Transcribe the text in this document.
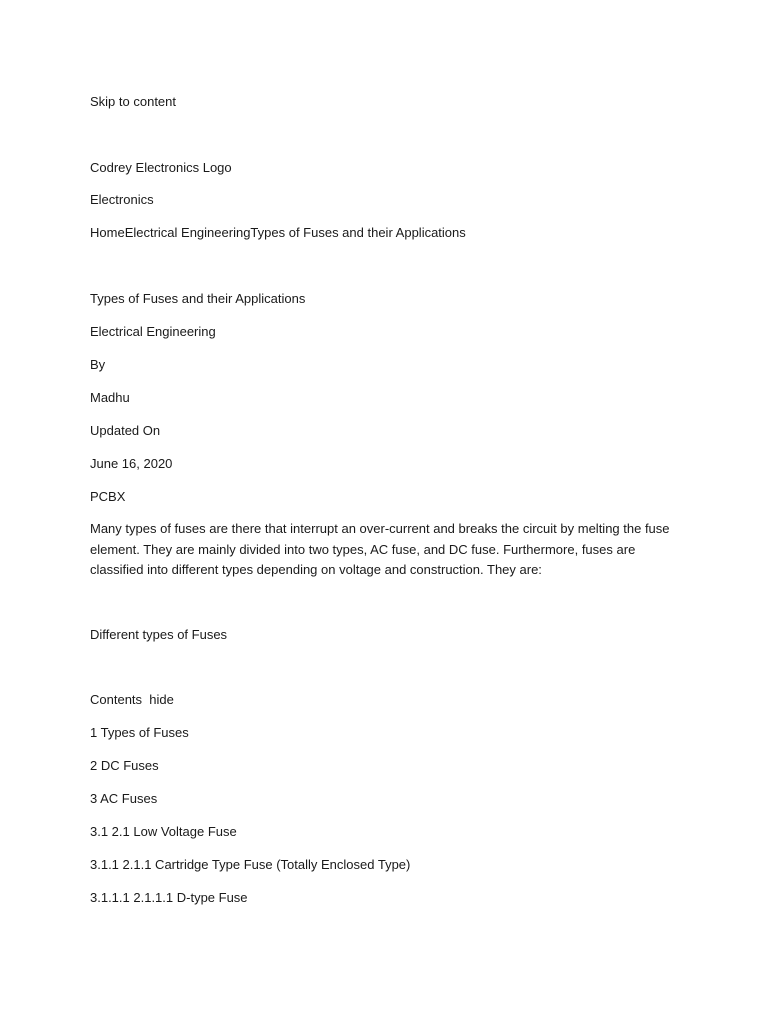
Skip to content
Codrey Electronics Logo
Electronics
HomeElectrical EngineeringTypes of Fuses and their Applications
Types of Fuses and their Applications
Electrical Engineering
By
Madhu
Updated On
June 16, 2020
PCBX
Many types of fuses are there that interrupt an over-current and breaks the circuit by melting the fuse element. They are mainly divided into two types, AC fuse, and DC fuse. Furthermore, fuses are classified into different types depending on voltage and construction. They are:
Different types of Fuses
Contents hide
1 Types of Fuses
2 DC Fuses
3 AC Fuses
3.1 2.1 Low Voltage Fuse
3.1.1 2.1.1 Cartridge Type Fuse (Totally Enclosed Type)
3.1.1.1 2.1.1.1 D-type Fuse
